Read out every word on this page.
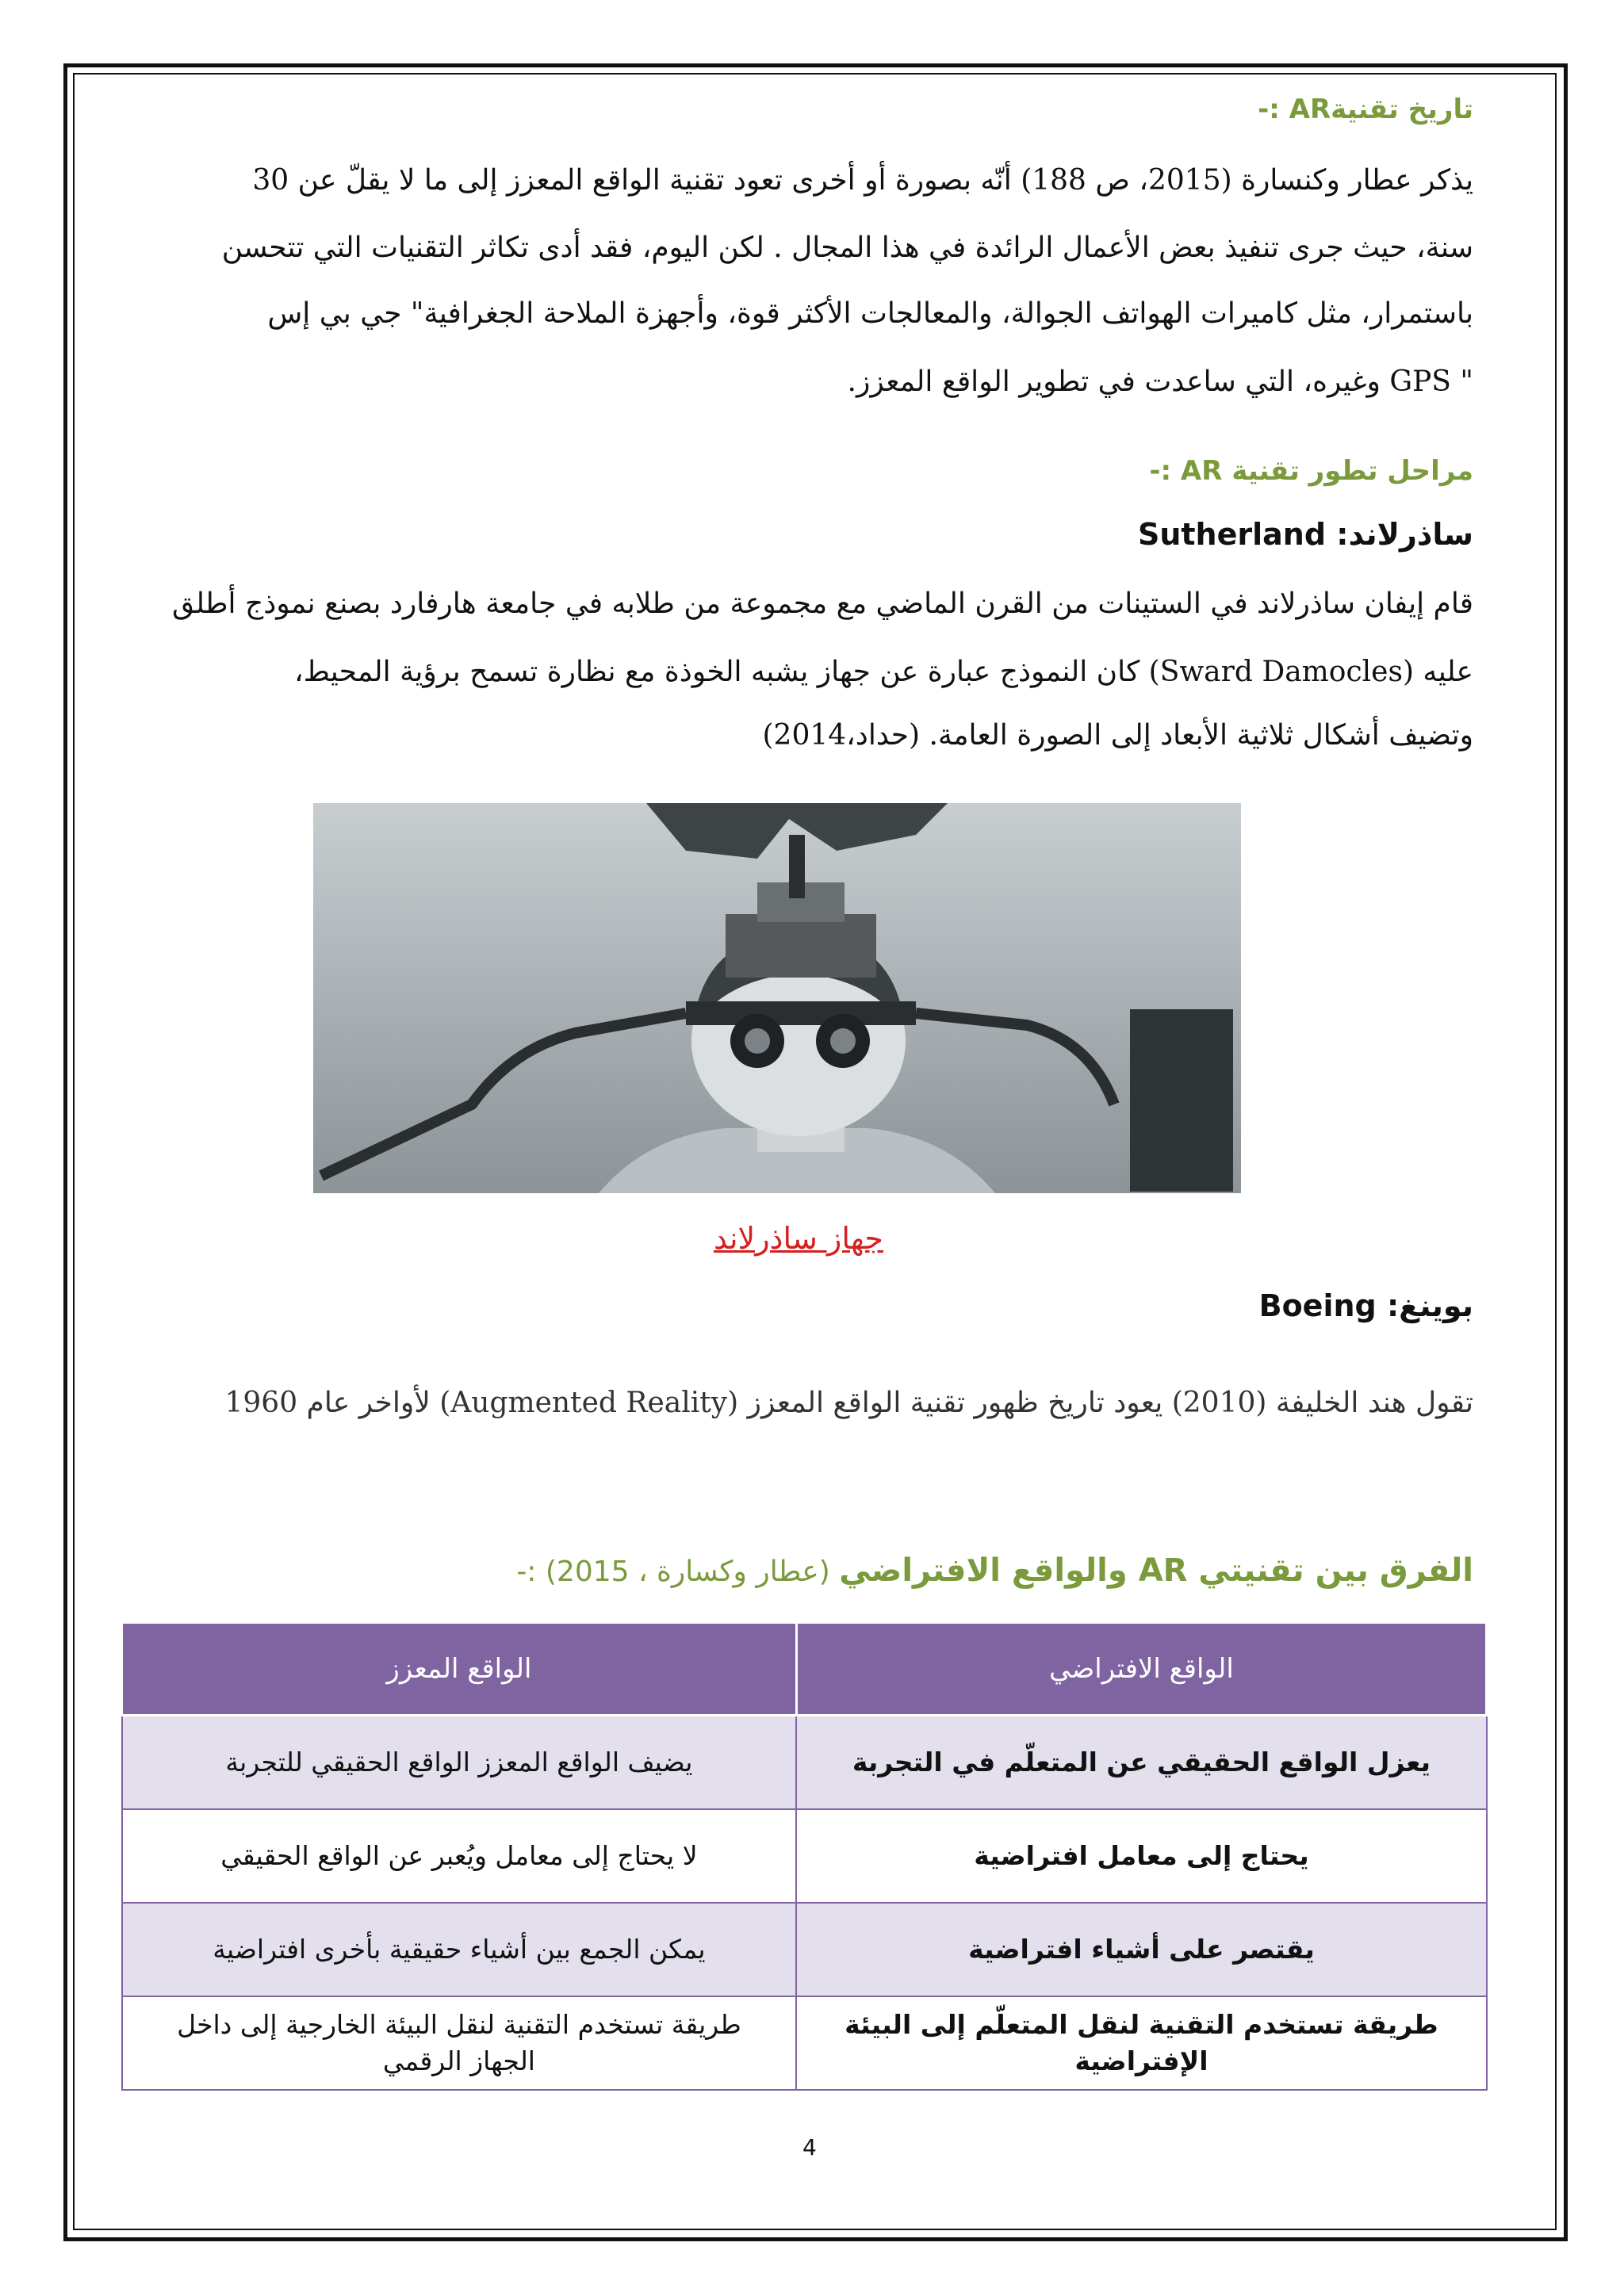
تاريخ تقنيةAR :-
يذكر عطار وكنسارة (2015، ص 188) أنّه بصورة أو أخرى تعود تقنية الواقع المعزز إلى ما لا يقلّ عن 30
سنة، حيث جرى تنفيذ بعض الأعمال الرائدة في هذا المجال . لكن اليوم، فقد أدى تكاثر التقنيات التي تتحسن
باستمرار، مثل كاميرات الهواتف الجوالة، والمعالجات الأكثر قوة، وأجهزة الملاحة الجغرافية" جي بي إس
" GPS وغيره، التي ساعدت في تطوير الواقع المعزز.
مراحل تطور تقنية AR :-
ساذرلاند: Sutherland
قام إيفان ساذرلاند في الستينات من القرن الماضي مع مجموعة من طلابه في جامعة هارفارد بصنع نموذج أطلق
عليه (Sward Damocles) كان النموذج عبارة عن جهاز يشبه الخوذة مع نظارة تسمح برؤية المحيط،
وتضيف أشكال ثلاثية الأبعاد إلى الصورة العامة. (حداد،2014)
جهاز ساذرلاند
بوينغ: Boeing
تقول هند الخليفة (2010) يعود تاريخ ظهور تقنية الواقع المعزز (Augmented Reality) لأواخر عام 1960
الفرق بين تقنيتي AR والواقع الافتراضي (عطار وكسارة ، 2015) :-
الواقع الافتراضي	الواقع المعزز
يعزل الواقع الحقيقي عن المتعلّم في التجربة	يضيف الواقع المعزز الواقع الحقيقي للتجربة
يحتاج إلى معامل افتراضية	لا يحتاج إلى معامل ويُعبر عن الواقع الحقيقي
يقتصر على أشياء افتراضية	يمكن الجمع بين أشياء حقيقية بأخرى افتراضية
طريقة تستخدم التقنية لنقل المتعلّم إلى البيئة الإفتراضية	طريقة تستخدم التقنية لنقل البيئة الخارجية إلى داخل الجهاز الرقمي
4
